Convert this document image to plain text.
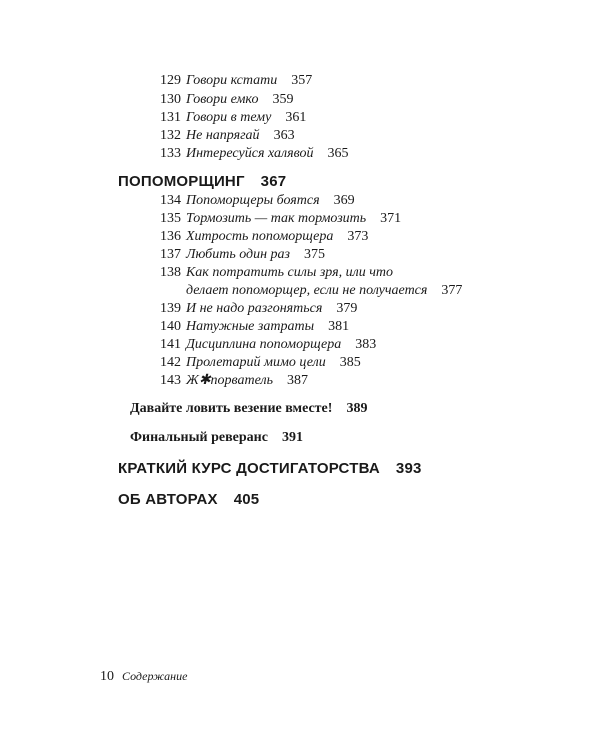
129 Говори кстати 357
130 Говори емко 359
131 Говори в тему 361
132 Не напрягай 363
133 Интересуйся халявой 365
ПОПОМОРЩИНГ 367
134 Попоморщеры боятся 369
135 Тормозить — так тормозить 371
136 Хитрость попоморщера 373
137 Любить один раз 375
138 Как потратить силы зря, или что
делает попоморщер, если не получается 377
139 И не надо разгоняться 379
140 Натужные затраты 381
141 Дисциплина попоморщера 383
142 Пролетарий мимо цели 385
143 Ж✱порватель 387
Давайте ловить везение вместе! 389
Финальный реверанс 391
КРАТКИЙ КУРС ДОСТИГАТОРСТВА 393
ОБ АВТОРАХ 405
10 Содержание
